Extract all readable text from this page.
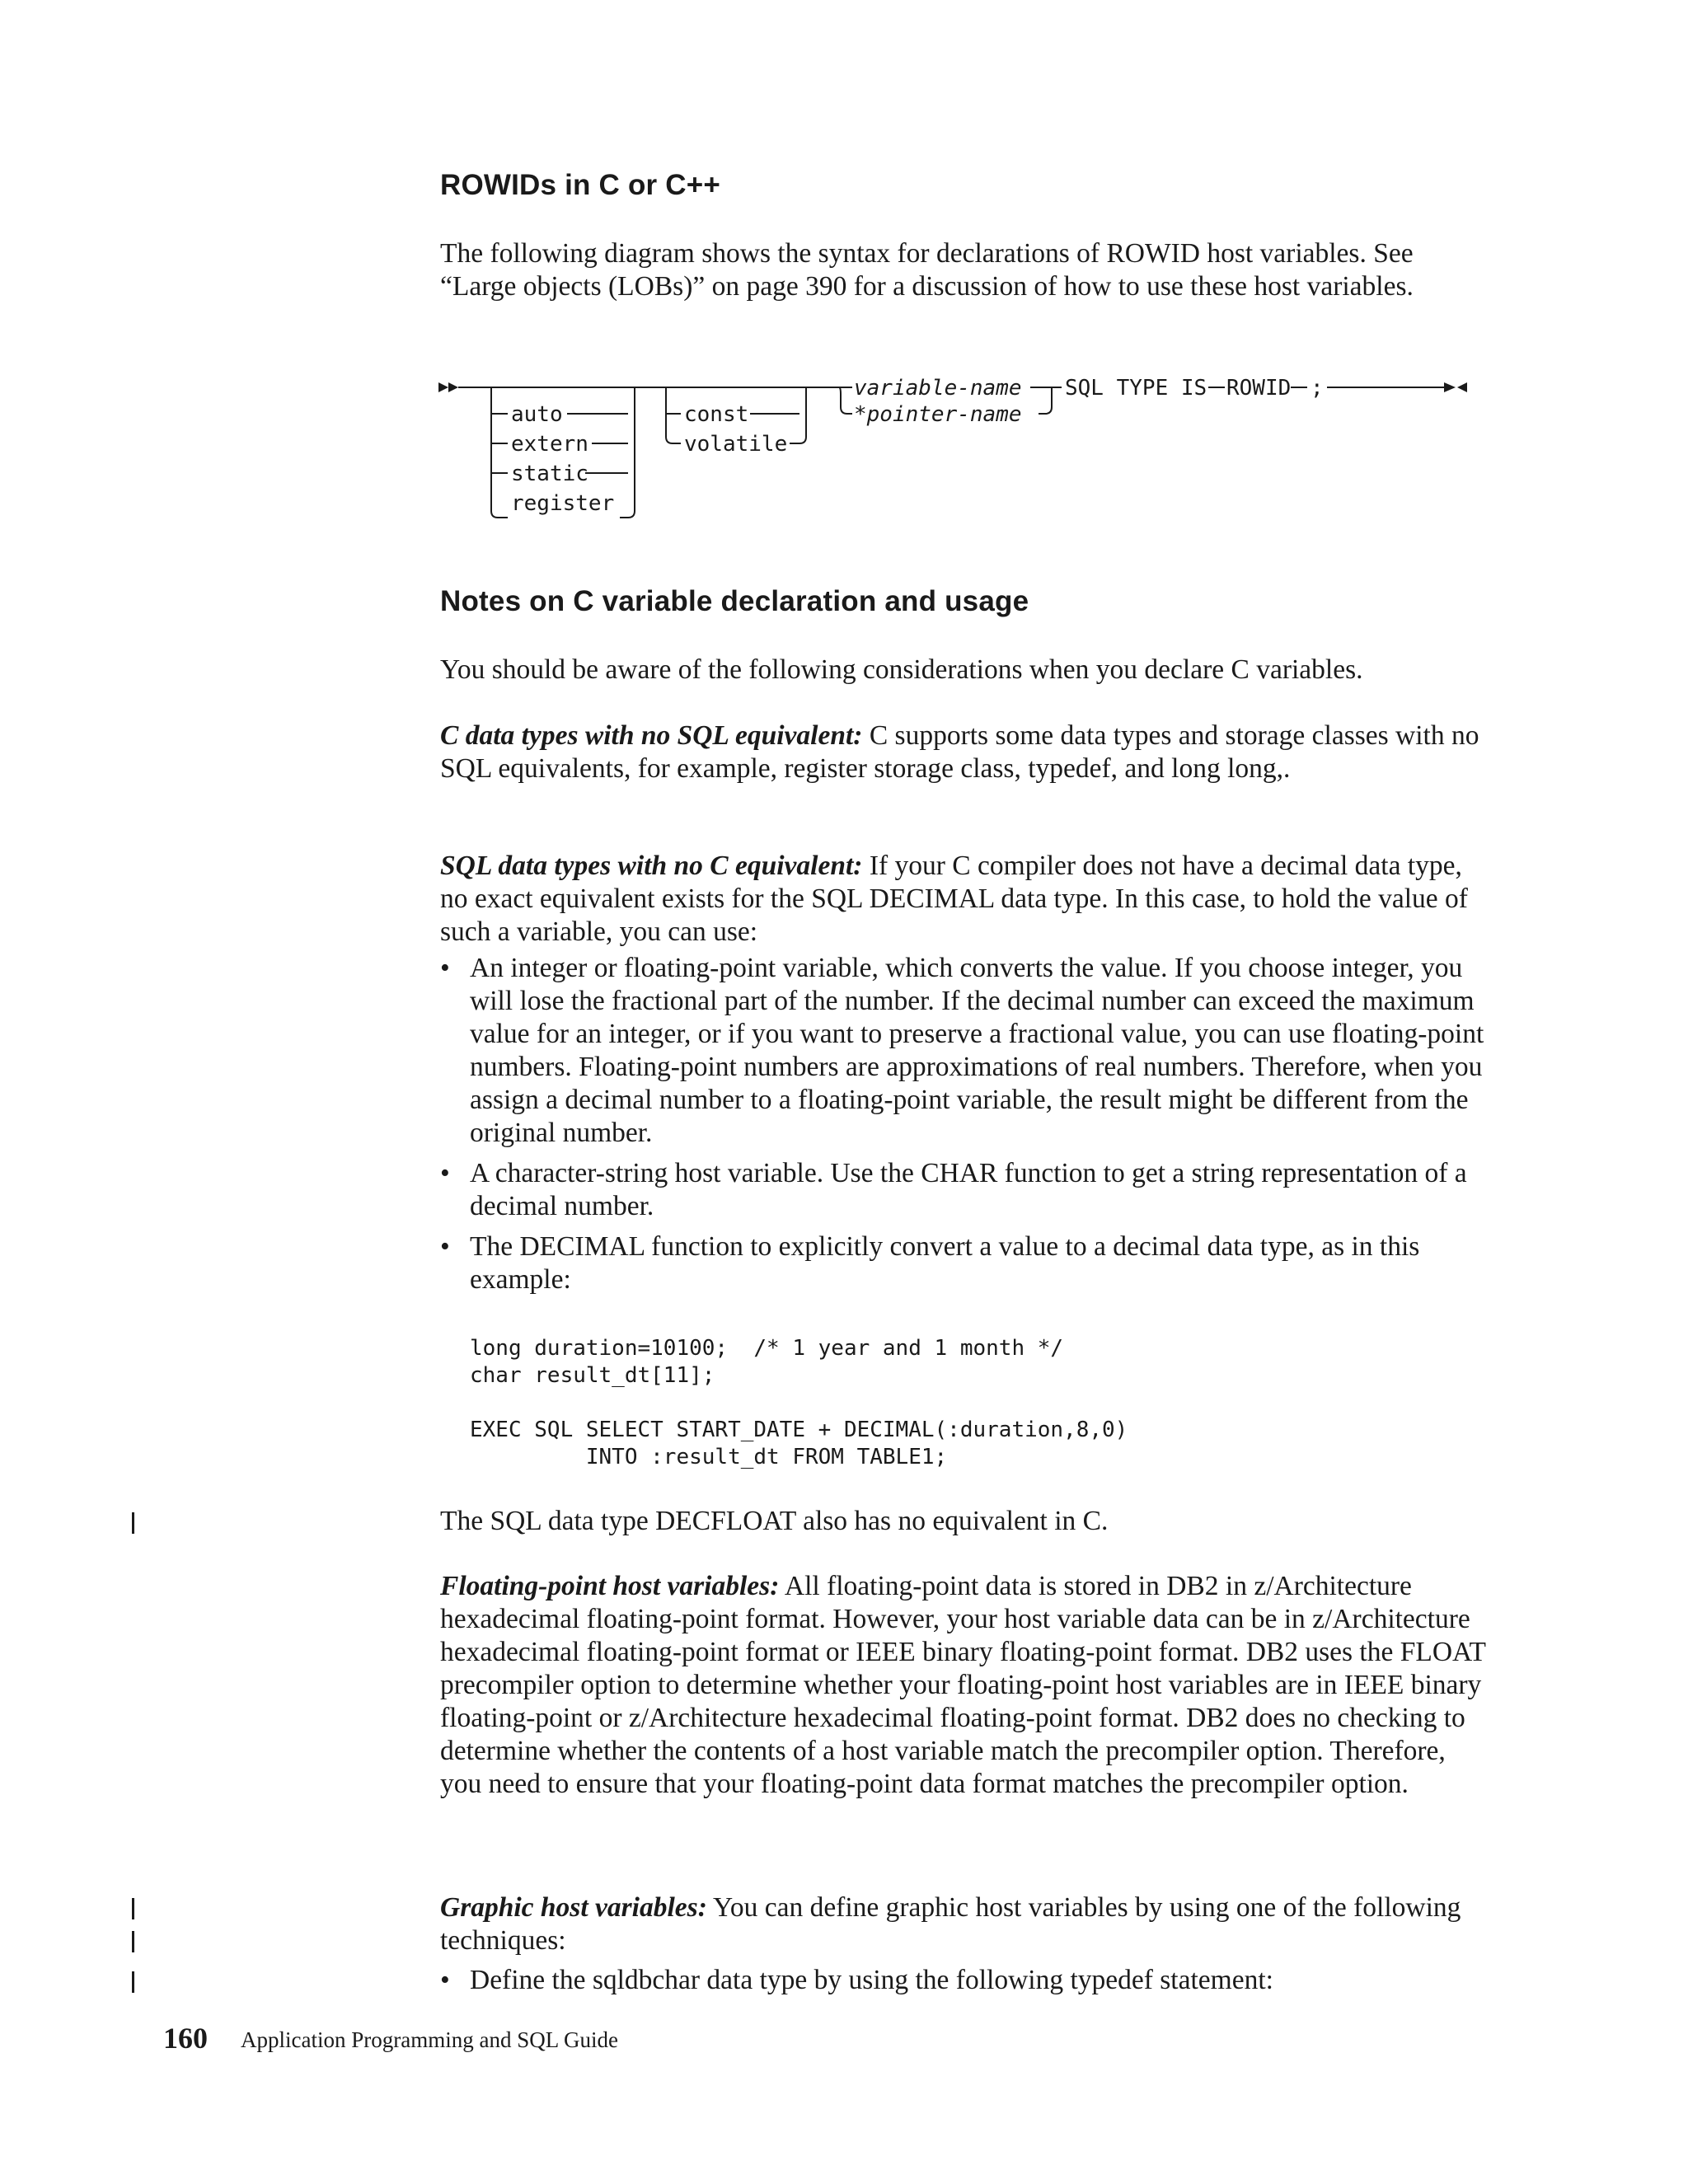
ROWIDs in C or C++

The following diagram shows the syntax for declarations of ROWID host variables. See “Large objects (LOBs)” on page 390 for a discussion of how to use these host variables.

auto
extern
static
register
const
volatile
variable-name
*pointer-name
SQL TYPE IS ROWID ;
Notes on C variable declaration and usage

You should be aware of the following considerations when you declare C variables.

C data types with no SQL equivalent: C supports some data types and storage classes with no SQL equivalents, for example, register storage class, typedef, and long long,.

SQL data types with no C equivalent: If your C compiler does not have a decimal data type, no exact equivalent exists for the SQL DECIMAL data type. In this case, to hold the value of such a variable, you can use:

• An integer or floating-point variable, which converts the value. If you choose integer, you will lose the fractional part of the number. If the decimal number can exceed the maximum value for an integer, or if you want to preserve a fractional value, you can use floating-point numbers. Floating-point numbers are approximations of real numbers. Therefore, when you assign a decimal number to a floating-point variable, the result might be different from the original number.
• A character-string host variable. Use the CHAR function to get a string representation of a decimal number.
• The DECIMAL function to explicitly convert a value to a decimal data type, as in this example:
long duration=10100;  /* 1 year and 1 month */
char result_dt[11];

EXEC SQL SELECT START_DATE + DECIMAL(:duration,8,0)
INTO :result_dt FROM TABLE1;

The SQL data type DECFLOAT also has no equivalent in C.

Floating-point host variables: All floating-point data is stored in DB2 in z/Architecture hexadecimal floating-point format. However, your host variable data can be in z/Architecture hexadecimal floating-point format or IEEE binary floating-point format. DB2 uses the FLOAT precompiler option to determine whether your floating-point host variables are in IEEE binary floating-point or z/Architecture hexadecimal floating-point format. DB2 does no checking to determine whether the contents of a host variable match the precompiler option. Therefore, you need to ensure that your floating-point data format matches the precompiler option.

Graphic host variables: You can define graphic host variables by using one of the following techniques:

• Define the sqldbchar data type by using the following typedef statement:
160 Application Programming and SQL Guide
